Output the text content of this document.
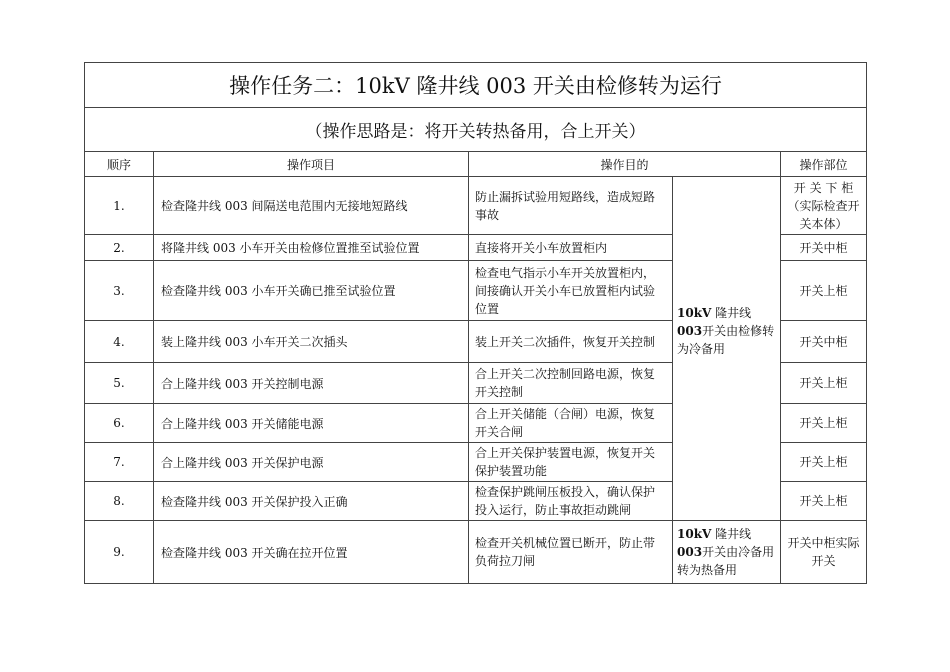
操作任务二：10kV 隆井线 003 开关由检修转为运行				
（操作思路是：将开关转热备用，合上开关）				
顺序	操作项目	操作目的		操作部位
1.	检查隆井线 003 间隔送电范围内无接地短路线	防止漏拆试验用短路线，造成短路事故	10kV 隆井线 003开关由检修转为冷备用	开 关 下 柜（实际检查开关本体）
2.	将隆井线 003 小车开关由检修位置推至试验位置	直接将开关小车放置柜内		开关中柜
3.	检查隆井线 003 小车开关确已推至试验位置	检查电气指示小车开关放置柜内，间接确认开关小车已放置柜内试验位置		开关上柜
4.	装上隆井线 003 小车开关二次插头	装上开关二次插件，恢复开关控制		开关中柜
5.	合上隆井线 003 开关控制电源	合上开关二次控制回路电源，恢复开关控制		开关上柜
6.	合上隆井线 003 开关储能电源	合上开关储能（合闸）电源，恢复开关合闸		开关上柜
7.	合上隆井线 003 开关保护电源	合上开关保护装置电源，恢复开关保护装置功能		开关上柜
8.	检查隆井线 003 开关保护投入正确	检查保护跳闸压板投入，确认保护投入运行，防止事故拒动跳闸		开关上柜
9.	检查隆井线 003 开关确在拉开位置	检查开关机械位置已断开，防止带负荷拉刀闸	10kV 隆井线 003开关由冷备用转为热备用	开关中柜实际开关
